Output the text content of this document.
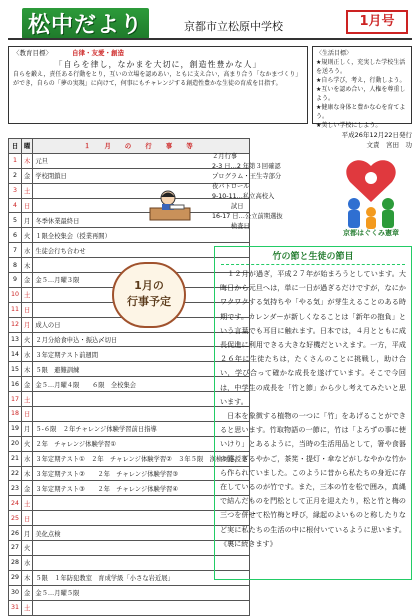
松中だより	京都市立松原中学校	1月号
〈教育目標〉	自律・友愛・創造
「自らを律し，なかまを大切に，創造性豊かな人」
自らを鍛え，責任ある行動をとり，互いの立場を認めあい，ともに支え合い，高まり合う「なかまづくり」ができ，自らの「夢の実現」に向けて，何事にもチャレンジする創造性豊かな生徒の育成を目指す。
〈生活目標〉
★規則正しく，充実した学校生活を送ろう。
★自ら学び，考え，行動しよう。
★互いを認め合い，人権を尊重しよう。
★健康な身体と豊かな心を育てよう。
★美しい学校にしよう。
日	曜	１ 月 の 行 事 等
1	木	元旦
2	金	学校閉鎖日
3	土	
4	日	
5	月	冬季休業最終日
6	火	１限全校集会（授業再開）
7	水	生徒会行ち合わせ
8	木	
9	金	金５…月曜３限
10	土	
11	日	
12	月	成人の日
13	火	２月分給食申込・振込〆切日
14	水	３年定期テスト前週間
15	木	５限　避難訓練
16	金	金５…月曜４限　　６限　全校集会
17	土	
18	日	
19	月	５-６限　２年チャレンジ体験学習前日指導
20	火	２年　チャレンジ体験学習①
21	水	３年定期テスト①　２年　チャレンジ体験学習②　３年５限　漢検対応授業
22	木	３年定期テスト②　　２年　チャレンジ体験学習③
23	金	３年定期テスト③　　２年　チャレンジ体験学習④
24	土	
25	日	
26	月	美化点検
27	火	
28	水	
29	木	５限　１年防犯教室　育成学級「小さな岩近展」
30	金	金５…月曜５限
31	土	
1月の
行事予定
平成26年12月22日発行
文責　宮田　功
２月行事
2-3 日…2 年第３回確認
プログラム・王生寺部分
夜パトロール
9-10-11…私立高校入
　　　試日
16-17 日…公立前期選抜
　　　検査日
京都はぐくみ憲章
竹の節と生徒の節目
　１２月が過ぎ，平成２７年が始まろうとしています。大晦日から元旦へは，単に一日が過ぎるだけですが，なにかワクワクする気持ちや「やる気」が芽生えることのある時期です。カレンダーが新しくなることは「新年の抱負」という言葉でも耳目に触れます。日本では，４月とともに成長促進に利用できる大きな好機だといえます。一方，平成２６年に生徒たちは，たくさんのことに挑戦し，助け合い，学び合って確かな成長を遂げています。そこで今回は，中学生の成長を「竹と節」から少し考えてみたいと思います。
　日本を象徴する植物の一つに「竹」をあげることができると思います。竹取物語の一節に，竹は「よろずの事に使いけり」とあるように，当時の生活用品として，箸や食器の器，ざるやかご，茶筅・提灯・傘などがしなやかな竹から作られていました。このように昔から私たちの身近に存在しているのが竹です。また，三本の竹を松で囲み，真縄で結んだものを門松として正月を迎えたり，松と竹と梅の三つを併せて松竹梅と呼び，縁起のよいものと称したりなど実に私たちの生活の中に根付いているように思います。《裏に続きます》
